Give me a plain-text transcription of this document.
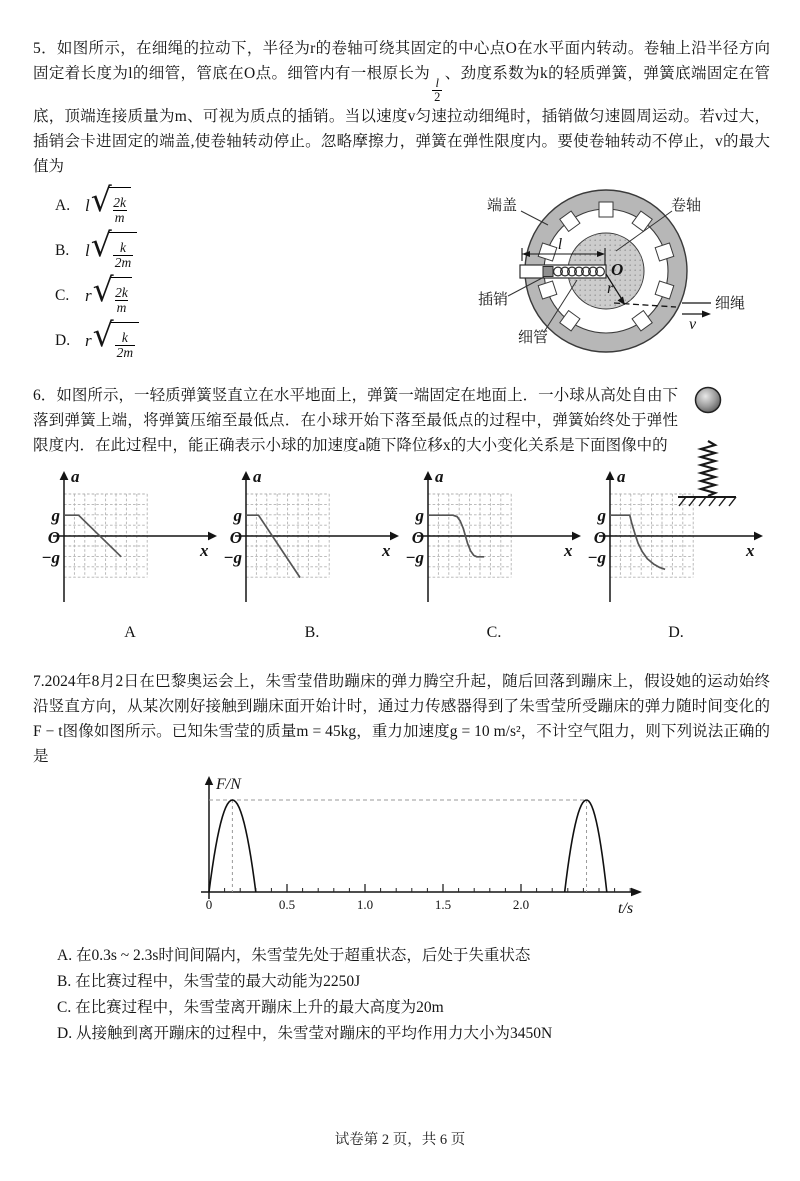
5．如图所示，在细绳的拉动下，半径为r的卷轴可绕其固定的中心点O在水平面内转动。卷轴上沿半径方向固定着长度为l的细管，管底在O点。细管内有一根原长为
$\frac{l}{2}$
、劲度系数为k的轻质弹簧，弹簧底端固定在管底，顶端连接质量为m、可视为质点的插销。当以速度v匀速拉动细绳时，插销做匀速圆周运动。若v过大，插销会卡进固定的端盖,使卷轴转动停止。忽略摩擦力，弹簧在弹性限度内。要使卷轴转动不停止，v的最大值为

A. l √ $\frac{2k}{m}$
B. l √ $\frac{k}{2m}$
C. r √ $\frac{2k}{m}$
D. r √ $\frac{k}{2m}$
l
O
r
细绳
v
端盖	卷轴
插销
细管

6．如图所示，一轻质弹簧竖直立在水平地面上，弹簧一端固定在地面上．一小球从高处自由下落到弹簧上端，将弹簧压缩至最低点．在小球开始下落至最低点的过程中，弹簧始终处于弹性限度内．在此过程中，能正确表示小球的加速度a随下降位移x的大小变化关系是下面图像中的

a
x
g
O
−g
A
a
x
g
O
−g
B.
a
x
g
O
−g
C.
a
x
g
O
−g
D.

7.2024年8月2日在巴黎奥运会上，朱雪莹借助蹦床的弹力腾空升起，随后回落到蹦床上，假设她的运动始终沿竖直方向，从某次刚好接触到蹦床面开始计时，通过力传感器得到了朱雪莹所受蹦床的弹力随时间变化的F − t图像如图所示。已知朱雪莹的质量m = 45kg，重力加速度g = 10 m/s²，不计空气阻力，则下列说法正确的是

F/N
t/s
0	0.5	1.0	1.5	2.0
A. 在0.3s ~ 2.3s时间间隔内，朱雪莹先处于超重状态，后处于失重状态
B. 在比赛过程中，朱雪莹的最大动能为2250J
C. 在比赛过程中，朱雪莹离开蹦床上升的最大高度为20m
D. 从接触到离开蹦床的过程中，朱雪莹对蹦床的平均作用力大小为3450N
试卷第 2 页，共 6 页
